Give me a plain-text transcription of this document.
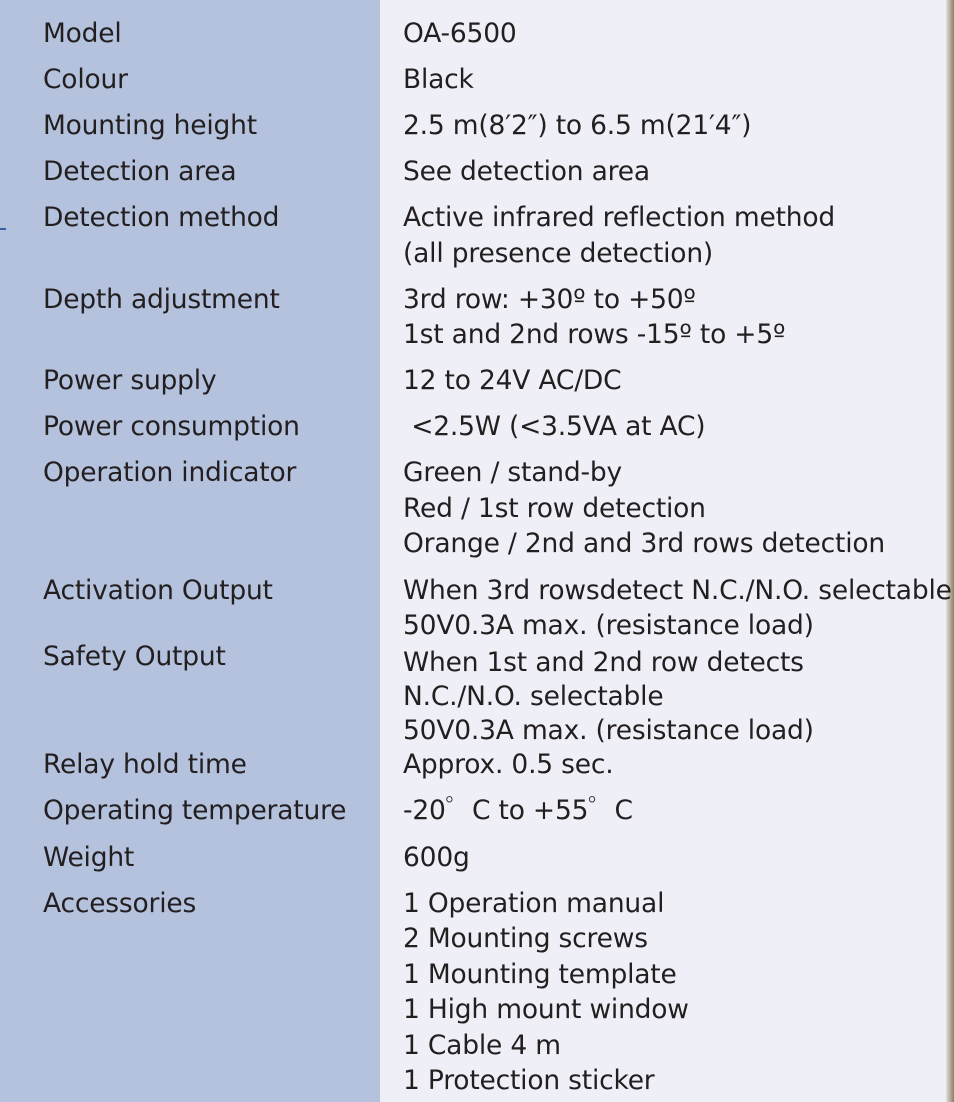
Model	OA-6500
Colour	Black
Mounting height	2.5 m(8′2″) to 6.5 m(21′4″)
Detection area	See detection area
Detection method	Active infrared reflection method
(all presence detection)
Depth adjustment	3rd row: +30º to +50º
1st and 2nd rows -15º to +5º
Power supply	12 to 24V AC/DC
Power consumption	<2.5W (<3.5VA at AC)
Operation indicator	Green / stand-by
Red / 1st row detection
Orange / 2nd and 3rd rows detection
Activation Output	When 3rd rowsdetect N.C./N.O. selectable
50V0.3A max. (resistance load)
Safety Output	When 1st and 2nd row detects
N.C./N.O. selectable
50V0.3A max. (resistance load)
Relay hold time	Approx. 0.5 sec.
Operating temperature -20゜C to +55゜C
Weight	600g
Accessories	1 Operation manual
2 Mounting screws
1 Mounting template
1 High mount window
1 Cable 4 m
1 Protection sticker
